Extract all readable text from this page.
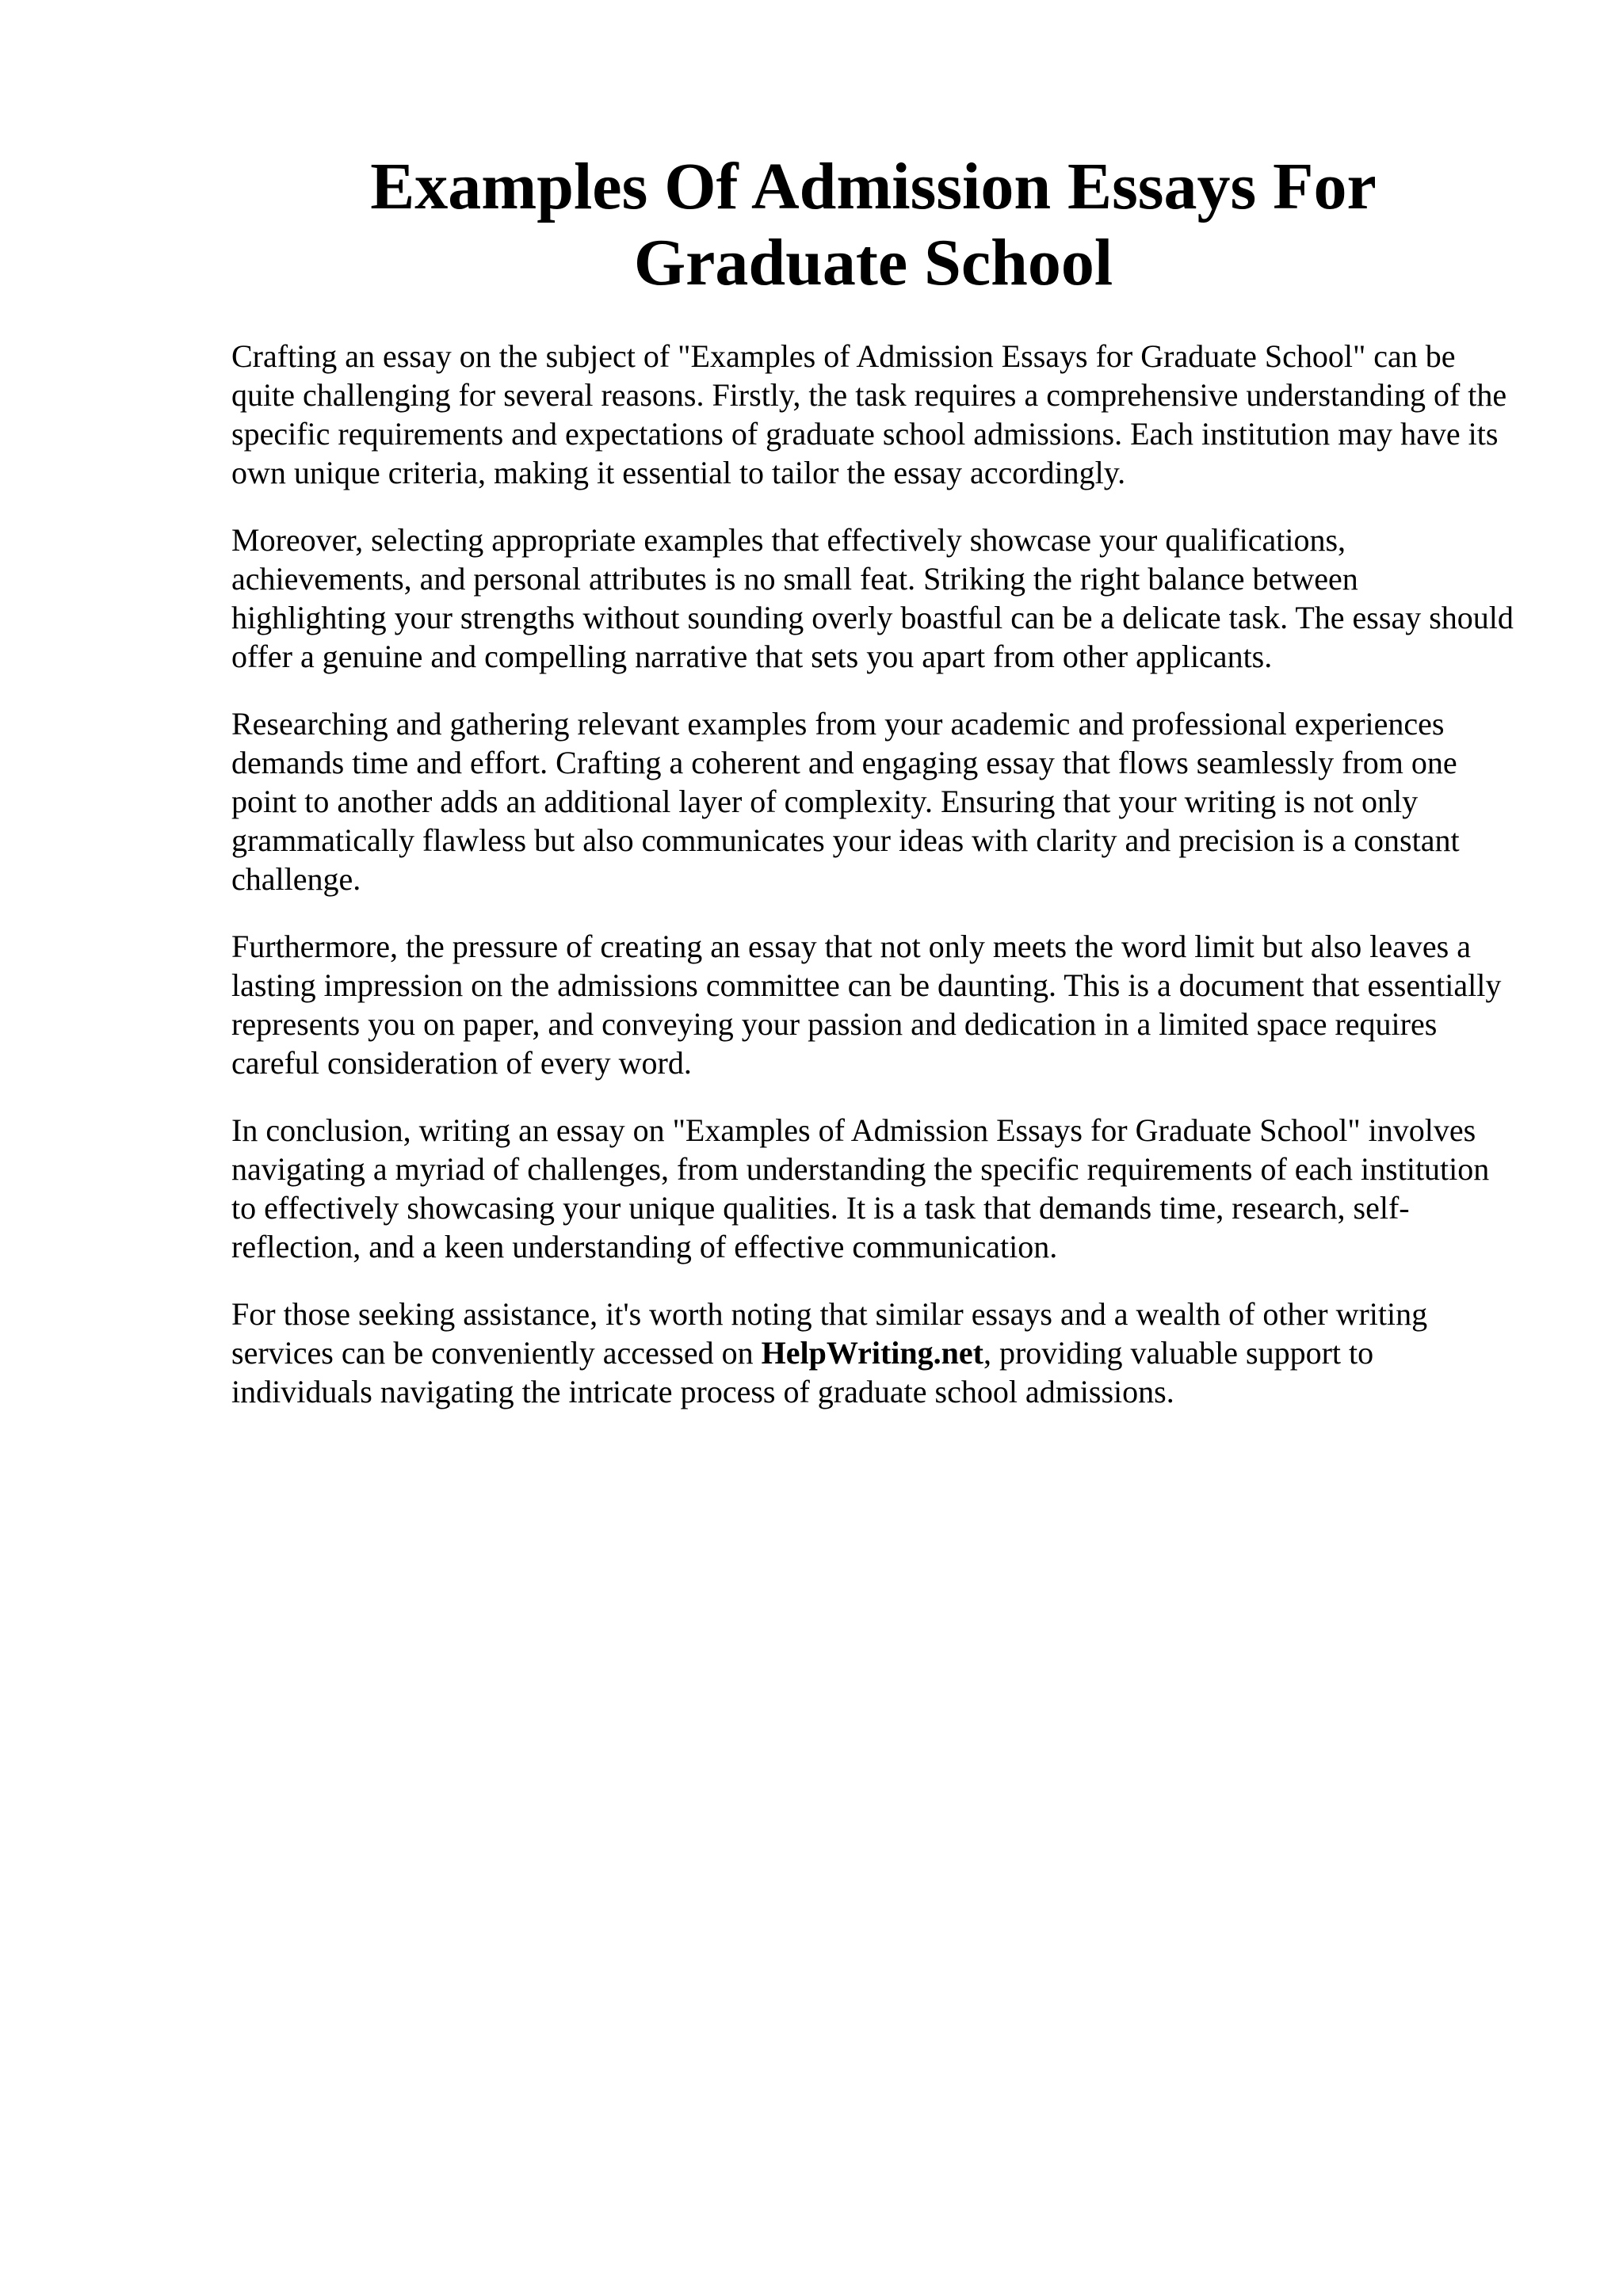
Examples Of Admission Essays For Graduate School

Crafting an essay on the subject of "Examples of Admission Essays for Graduate School" can be quite challenging for several reasons. Firstly, the task requires a comprehensive understanding of the specific requirements and expectations of graduate school admissions. Each institution may have its own unique criteria, making it essential to tailor the essay accordingly.

Moreover, selecting appropriate examples that effectively showcase your qualifications, achievements, and personal attributes is no small feat. Striking the right balance between highlighting your strengths without sounding overly boastful can be a delicate task. The essay should offer a genuine and compelling narrative that sets you apart from other applicants.

Researching and gathering relevant examples from your academic and professional experiences demands time and effort. Crafting a coherent and engaging essay that flows seamlessly from one point to another adds an additional layer of complexity. Ensuring that your writing is not only grammatically flawless but also communicates your ideas with clarity and precision is a constant challenge.

Furthermore, the pressure of creating an essay that not only meets the word limit but also leaves a lasting impression on the admissions committee can be daunting. This is a document that essentially represents you on paper, and conveying your passion and dedication in a limited space requires careful consideration of every word.

In conclusion, writing an essay on "Examples of Admission Essays for Graduate School" involves navigating a myriad of challenges, from understanding the specific requirements of each institution to effectively showcasing your unique qualities. It is a task that demands time, research, self-reflection, and a keen understanding of effective communication.

For those seeking assistance, it's worth noting that similar essays and a wealth of other writing services can be conveniently accessed on HelpWriting.net, providing valuable support to individuals navigating the intricate process of graduate school admissions.
